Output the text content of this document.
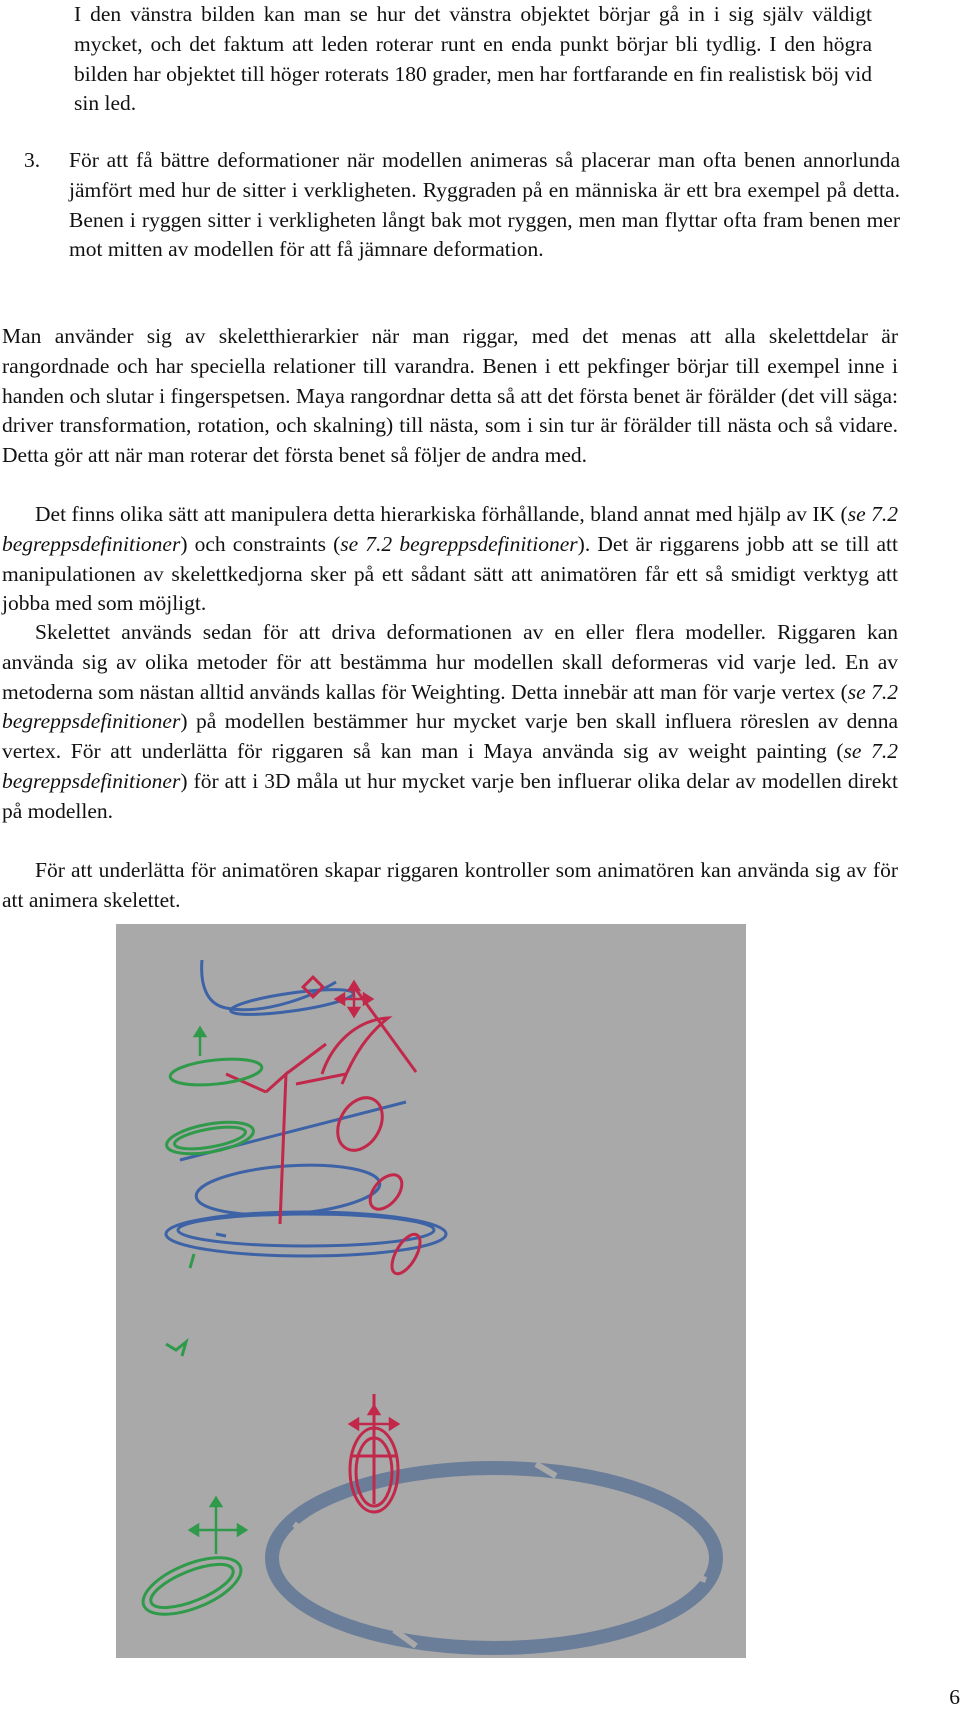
I den vänstra bilden kan man se hur det vänstra objektet börjar gå in i sig själv väldigt mycket, och det faktum att leden roterar runt en enda punkt börjar bli tydlig. I den högra bilden har objektet till höger roterats 180 grader, men har fortfarande en fin realistisk böj vid sin led.

3.	För att få bättre deformationer när modellen animeras så placerar man ofta benen annorlunda jämfört med hur de sitter i verkligheten. Ryggraden på en människa är ett bra exempel på detta. Benen i ryggen sitter i verkligheten långt bak mot ryggen, men man flyttar ofta fram benen mer mot mitten av modellen för att få jämnare deformation.

Man använder sig av skeletthierarkier när man riggar, med det menas att alla skelettdelar är rangordnade och har speciella relationer till varandra. Benen i ett pekfinger börjar till exempel inne i handen och slutar i fingerspetsen. Maya rangordnar detta så att det första benet är förälder (det vill säga: driver transformation, rotation, och skalning) till nästa, som i sin tur är förälder till nästa och så vidare. Detta gör att när man roterar det första benet så följer de andra med.

Det finns olika sätt att manipulera detta hierarkiska förhållande, bland annat med hjälp av IK (se 7.2 begreppsdefinitioner) och constraints (se 7.2 begreppsdefinitioner). Det är riggarens jobb att se till att manipulationen av skelettkedjorna sker på ett sådant sätt att animatören får ett så smidigt verktyg att jobba med som möjligt.

Skelettet används sedan för att driva deformationen av en eller flera modeller. Riggaren kan använda sig av olika metoder för att bestämma hur modellen skall deformeras vid varje led. En av metoderna som nästan alltid används kallas för Weighting. Detta innebär att man för varje vertex (se 7.2 begreppsdefinitioner) på modellen bestämmer hur mycket varje ben skall influera röreslen av denna vertex. För att underlätta för riggaren så kan man i Maya använda sig av weight painting (se 7.2 begreppsdefinitioner) för att i 3D måla ut hur mycket varje ben influerar olika delar av modellen direkt på modellen.

För att underlätta för animatören skapar riggaren kontroller som animatören kan använda sig av för att animera skelettet.

6
